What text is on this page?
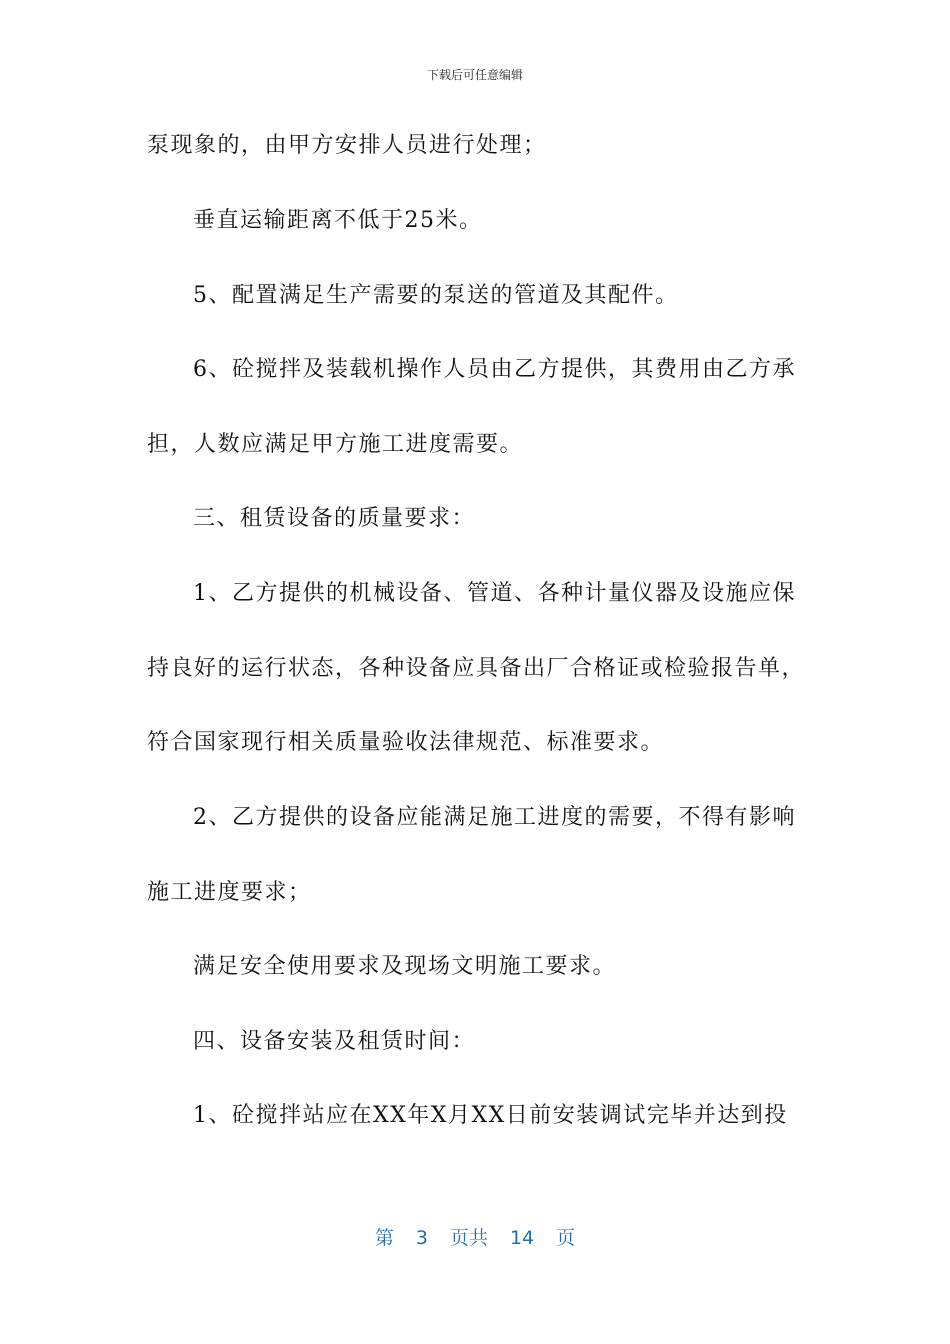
下载后可任意编辑
泵现象的，由甲方安排人员进行处理；
垂直运输距离不低于25米。
5、配置满足生产需要的泵送的管道及其配件。
6、砼搅拌及装载机操作人员由乙方提供，其费用由乙方承
担，人数应满足甲方施工进度需要。
三、租赁设备的质量要求：
1、乙方提供的机械设备、管道、各种计量仪器及设施应保
持良好的运行状态，各种设备应具备出厂合格证或检验报告单，
符合国家现行相关质量验收法律规范、标准要求。
2、乙方提供的设备应能满足施工进度的需要，不得有影响
施工进度要求；
满足安全使用要求及现场文明施工要求。
四、设备安装及租赁时间：
1、砼搅拌站应在XX年X月XX日前安装调试完毕并达到投
第 3 页共 14 页
